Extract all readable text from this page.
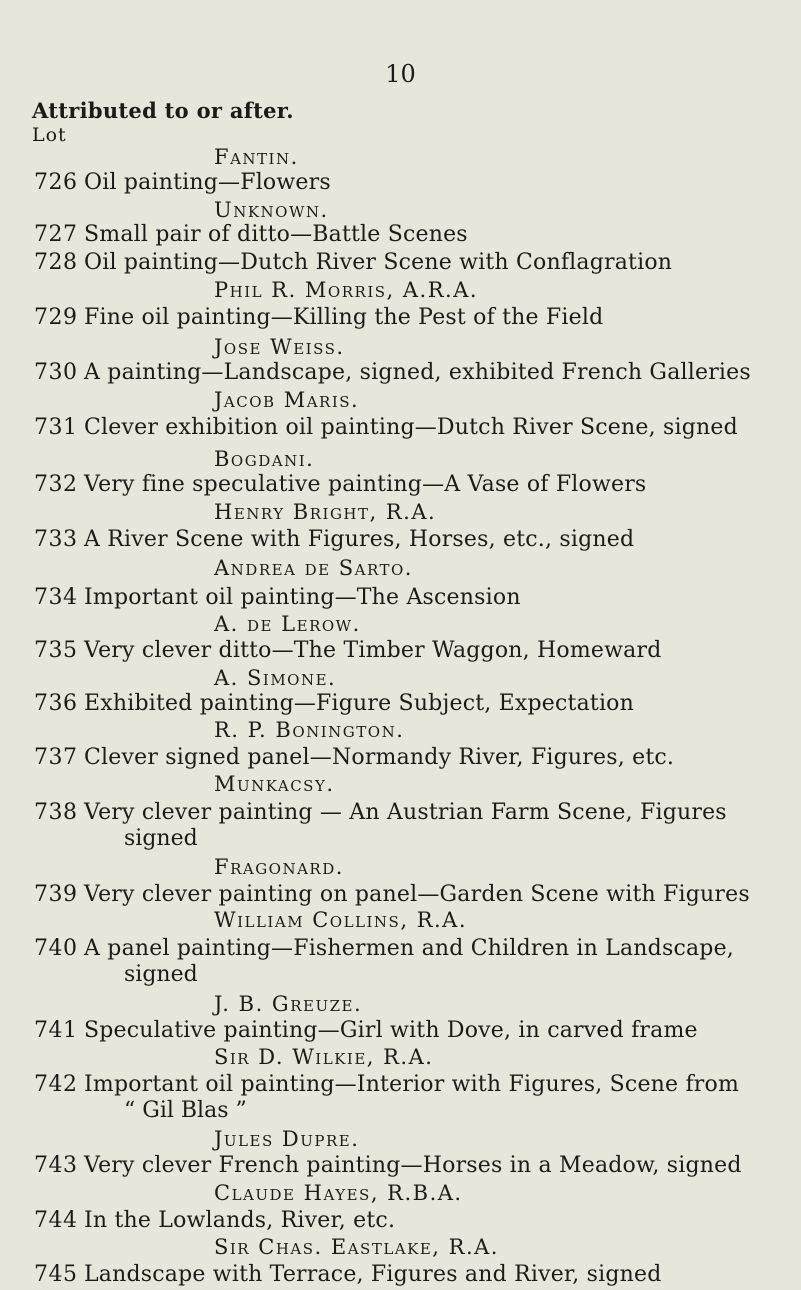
10
Attributed to or after.
Lot
Fantin.
726 Oil painting—Flowers
Unknown.
727 Small pair of ditto—Battle Scenes
728 Oil painting—Dutch River Scene with Conflagration
Phil R. Morris, A.R.A.
729 Fine oil painting—Killing the Pest of the Field
Jose Weiss.
730 A painting—Landscape, signed, exhibited French Galleries
Jacob Maris.
731 Clever exhibition oil painting—Dutch River Scene, signed
Bogdani.
732 Very fine speculative painting—A Vase of Flowers
Henry Bright, R.A.
733 A River Scene with Figures, Horses, etc., signed
Andrea de Sarto.
734 Important oil painting—The Ascension
A. de Lerow.
735 Very clever ditto—The Timber Waggon, Homeward
A. Simone.
736 Exhibited painting—Figure Subject, Expectation
R. P. Bonington.
737 Clever signed panel—Normandy River, Figures, etc.
Munkacsy.
738 Very clever painting — An Austrian Farm Scene, Figures
signed
Fragonard.
739 Very clever painting on panel—Garden Scene with Figures
William Collins, R.A.
740 A panel painting—Fishermen and Children in Landscape,
signed
J. B. Greuze.
741 Speculative painting—Girl with Dove, in carved frame
Sir D. Wilkie, R.A.
742 Important oil painting—Interior with Figures, Scene from
“ Gil Blas ”
Jules Dupre.
743 Very clever French painting—Horses in a Meadow, signed
Claude Hayes, R.B.A.
744 In the Lowlands, River, etc.
Sir Chas. Eastlake, R.A.
745 Landscape with Terrace, Figures and River, signed
